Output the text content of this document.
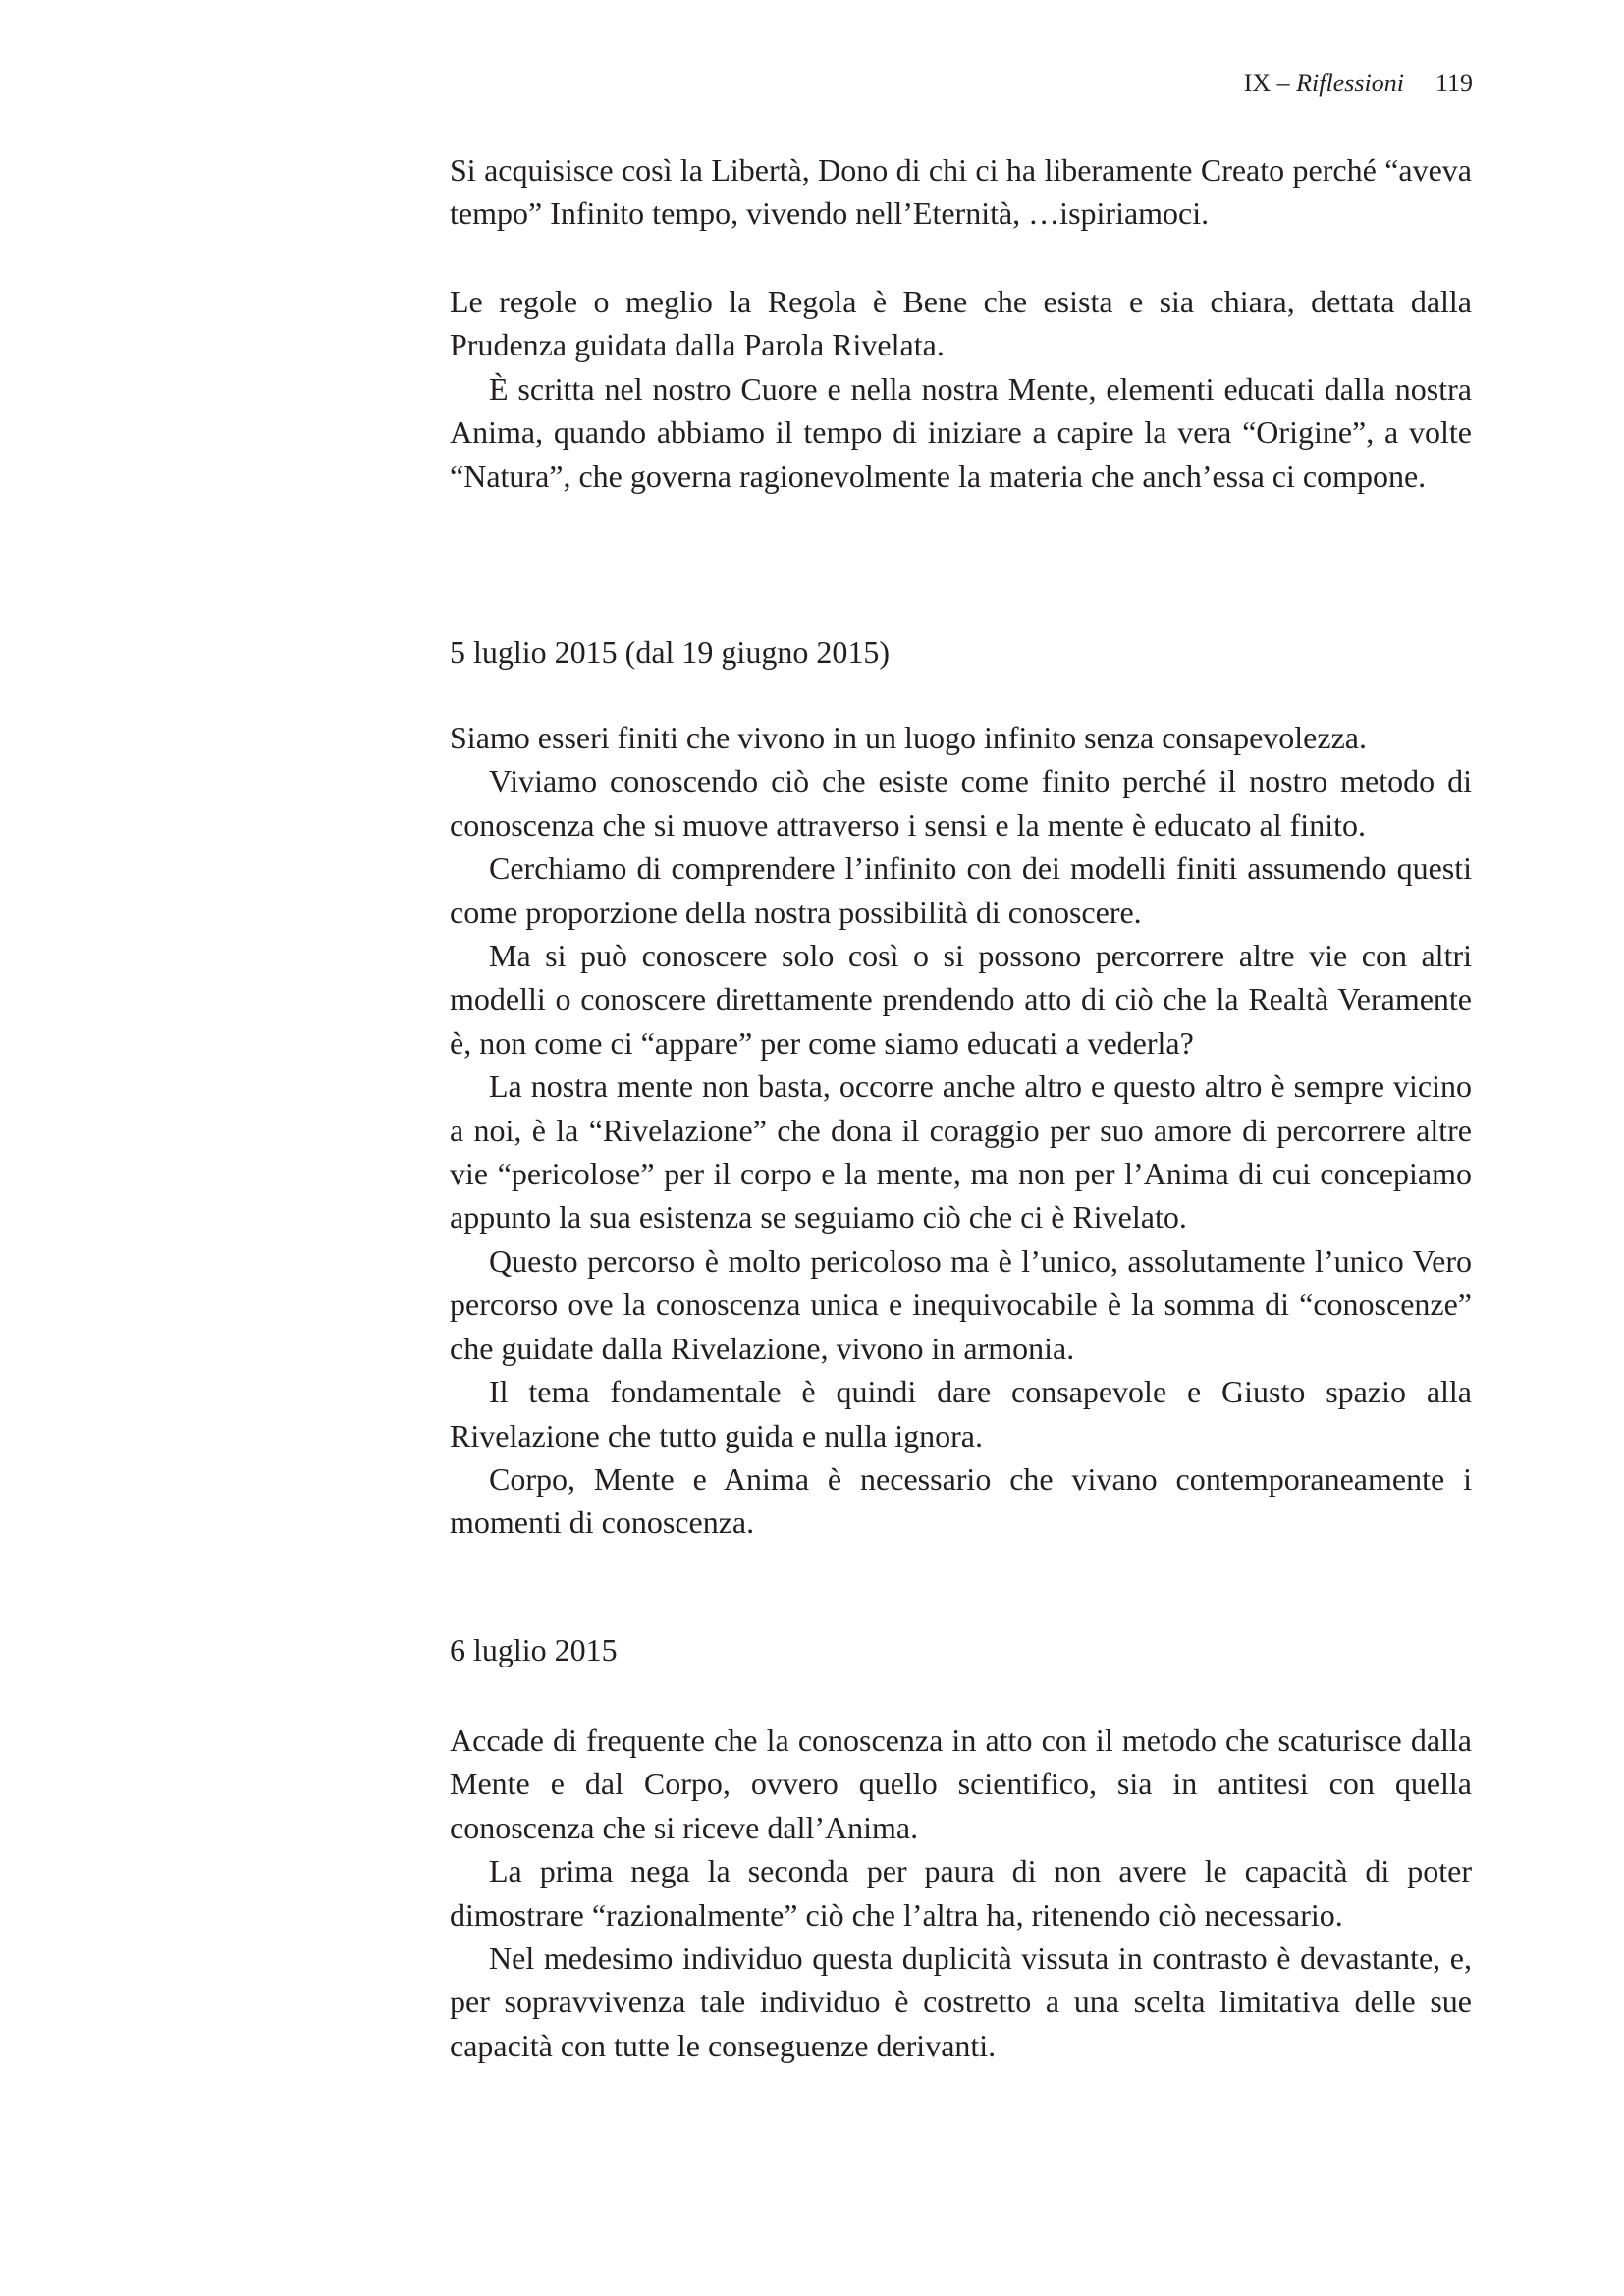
IX – Riflessioni 119

Si acquisisce così la Libertà, Dono di chi ci ha liberamente Creato perché “aveva tempo” Infinito tempo, vivendo nell’Eternità, …ispiriamoci.

Le regole o meglio la Regola è Bene che esista e sia chiara, dettata dalla Prudenza guidata dalla Parola Rivelata.

È scritta nel nostro Cuore e nella nostra Mente, elementi educati dalla nostra Anima, quando abbiamo il tempo di iniziare a capire la vera “Origine”, a volte “Natura”, che governa ragionevolmente la materia che anch’essa ci compone.

5 luglio 2015 (dal 19 giugno 2015)

Siamo esseri finiti che vivono in un luogo infinito senza consapevolezza.

Viviamo conoscendo ciò che esiste come finito perché il nostro metodo di conoscenza che si muove attraverso i sensi e la mente è educato al finito.

Cerchiamo di comprendere l’infinito con dei modelli finiti assumendo questi come proporzione della nostra possibilità di conoscere.

Ma si può conoscere solo così o si possono percorrere altre vie con altri modelli o conoscere direttamente prendendo atto di ciò che la Realtà Veramente è, non come ci “appare” per come siamo educati a vederla?

La nostra mente non basta, occorre anche altro e questo altro è sempre vicino a noi, è la “Rivelazione” che dona il coraggio per suo amore di percorrere altre vie “pericolose” per il corpo e la mente, ma non per l’Anima di cui concepiamo appunto la sua esistenza se seguiamo ciò che ci è Rivelato.

Questo percorso è molto pericoloso ma è l’unico, assolutamente l’unico Vero percorso ove la conoscenza unica e inequivocabile è la somma di “conoscenze” che guidate dalla Rivelazione, vivono in armonia.

Il tema fondamentale è quindi dare consapevole e Giusto spazio alla Rivelazione che tutto guida e nulla ignora.

Corpo, Mente e Anima è necessario che vivano contemporaneamente i momenti di conoscenza.

6 luglio 2015

Accade di frequente che la conoscenza in atto con il metodo che scaturisce dalla Mente e dal Corpo, ovvero quello scientifico, sia in antitesi con quella conoscenza che si riceve dall’Anima.

La prima nega la seconda per paura di non avere le capacità di poter dimostrare “razionalmente” ciò che l’altra ha, ritenendo ciò necessario.

Nel medesimo individuo questa duplicità vissuta in contrasto è devastante, e, per sopravvivenza tale individuo è costretto a una scelta limitativa delle sue capacità con tutte le conseguenze derivanti.
